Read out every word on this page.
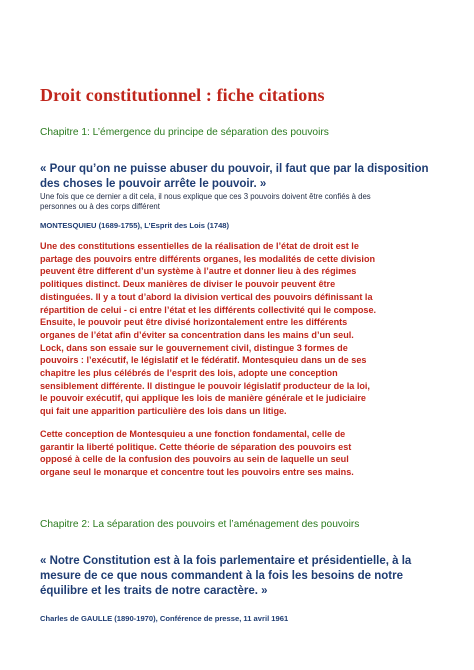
Droit constitutionnel : fiche citations

Chapitre 1: L’émergence du principe de séparation des pouvoirs

« Pour qu’on ne puisse abuser du pouvoir, il faut que par la disposition
des choses le pouvoir arrête le pouvoir. »

Une fois que ce dernier a dit cela, il nous explique que ces 3 pouvoirs doivent être confiés à des
personnes ou à des corps différent

MONTESQUIEU (1689-1755), L’Esprit des Lois (1748)

Une des constitutions essentielles de la réalisation de l’état de droit est le
partage des pouvoirs entre différents organes, les modalités de cette division
peuvent être different d’un système à l’autre et donner lieu à des régimes
politiques distinct. Deux manières de diviser le pouvoir peuvent être
distinguées. Il y a tout d’abord la division vertical des pouvoirs définissant la
répartition de celui - ci entre l’état et les différents collectivité qui le compose.
Ensuite, le pouvoir peut être divisé horizontalement entre les différents
organes de l’état afin d’éviter sa concentration dans les mains d’un seul.
Lock, dans son essaie sur le gouvernement civil, distingue 3 formes de
pouvoirs : l’exécutif, le législatif et le fédératif. Montesquieu dans un de ses
chapitre les plus célébrés de l’esprit des lois, adopte une conception
sensiblement différente. Il distingue le pouvoir législatif producteur de la loi,
le pouvoir exécutif, qui applique les lois de manière générale et le judiciaire
qui fait une apparition particulière des lois dans un litige.

Cette conception de Montesquieu a une fonction fondamental, celle de
garantir la liberté politique. Cette théorie de séparation des pouvoirs est
opposé à celle de la confusion des pouvoirs au sein de laquelle un seul
organe seul le monarque et concentre tout les pouvoirs entre ses mains.

Chapitre 2: La séparation des pouvoirs et l’aménagement des pouvoirs

« Notre Constitution est à la fois parlementaire et présidentielle, à la
mesure de ce que nous commandent à la fois les besoins de notre
équilibre et les traits de notre caractère. »

Charles de GAULLE (1890-1970), Conférence de presse, 11 avril 1961
